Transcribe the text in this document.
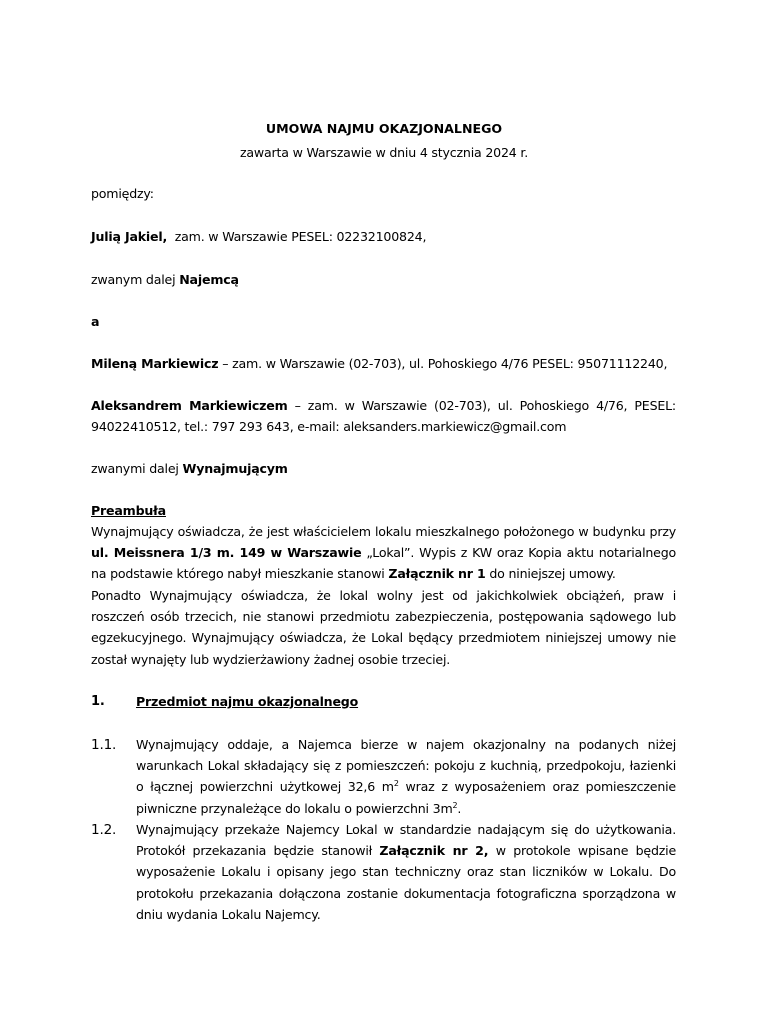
UMOWA NAJMU OKAZJONALNEGO
zawarta w Warszawie w dniu 4 stycznia 2024 r.
pomiędzy:
Julią Jakiel, zam. w Warszawie PESEL: 02232100824,
zwanym dalej Najemcą
a
Mileną Markiewicz – zam. w Warszawie (02-703), ul. Pohoskiego 4/76 PESEL: 95071112240,
Aleksandrem Markiewiczem – zam. w Warszawie (02-703), ul. Pohoskiego 4/76, PESEL: 94022410512, tel.: 797 293 643, e-mail: aleksanders.markiewicz@gmail.com
zwanymi dalej Wynajmującym
Preambuła
Wynajmujący oświadcza, że jest właścicielem lokalu mieszkalnego położonego w budynku przy ul. Meissnera 1/3 m. 149 w Warszawie „Lokal”. Wypis z KW oraz Kopia aktu notarialnego na podstawie którego nabył mieszkanie stanowi Załącznik nr 1 do niniejszej umowy.
Ponadto Wynajmujący oświadcza, że lokal wolny jest od jakichkolwiek obciążeń, praw i roszczeń osób trzecich, nie stanowi przedmiotu zabezpieczenia, postępowania sądowego lub egzekucyjnego. Wynajmujący oświadcza, że Lokal będący przedmiotem niniejszej umowy nie został wynajęty lub wydzierżawiony żadnej osobie trzeciej.
1. Przedmiot najmu okazjonalnego
1.1. Wynajmujący oddaje, a Najemca bierze w najem okazjonalny na podanych niżej warunkach Lokal składający się z pomieszczeń: pokoju z kuchnią, przedpokoju, łazienki o łącznej powierzchni użytkowej 32,6 $m^2$ wraz z wyposażeniem oraz pomieszczenie piwniczne przynależące do lokalu o powierzchni $3m^2$.
1.2. Wynajmujący przekaże Najemcy Lokal w standardzie nadającym się do użytkowania. Protokół przekazania będzie stanowił Załącznik nr 2, w protokole wpisane będzie wyposażenie Lokalu i opisany jego stan techniczny oraz stan liczników w Lokalu. Do protokołu przekazania dołączona zostanie dokumentacja fotograficzna sporządzona w dniu wydania Lokalu Najemcy.
